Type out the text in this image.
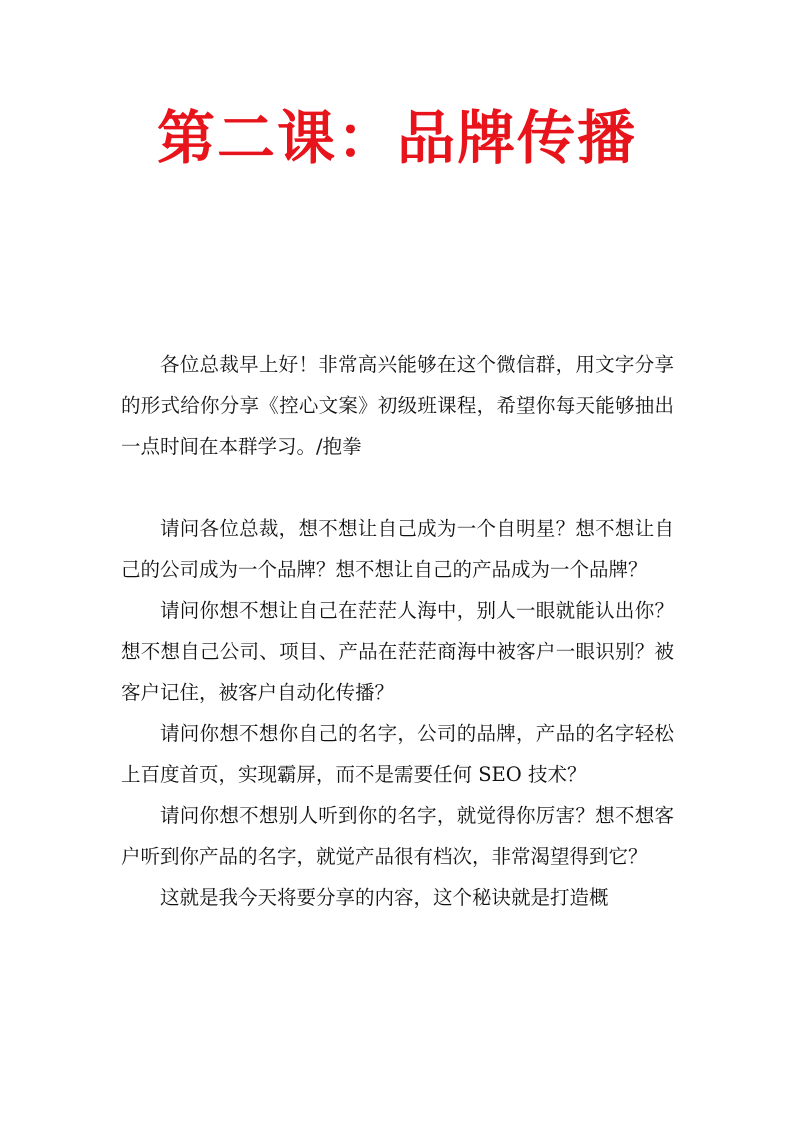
第二课：品牌传播

各位总裁早上好！非常高兴能够在这个微信群，用文字分享的形式给你分享《控心文案》初级班课程，希望你每天能够抽出一点时间在本群学习。/抱拳

请问各位总裁，想不想让自己成为一个自明星？想不想让自己的公司成为一个品牌？想不想让自己的产品成为一个品牌？

请问你想不想让自己在茫茫人海中，别人一眼就能认出你？想不想自己公司、项目、产品在茫茫商海中被客户一眼识别？被客户记住，被客户自动化传播？

请问你想不想你自己的名字，公司的品牌，产品的名字轻松上百度首页，实现霸屏，而不是需要任何 SEO 技术？

请问你想不想别人听到你的名字，就觉得你厉害？想不想客户听到你产品的名字，就觉产品很有档次，非常渴望得到它？

这就是我今天将要分享的内容，这个秘诀就是打造概
